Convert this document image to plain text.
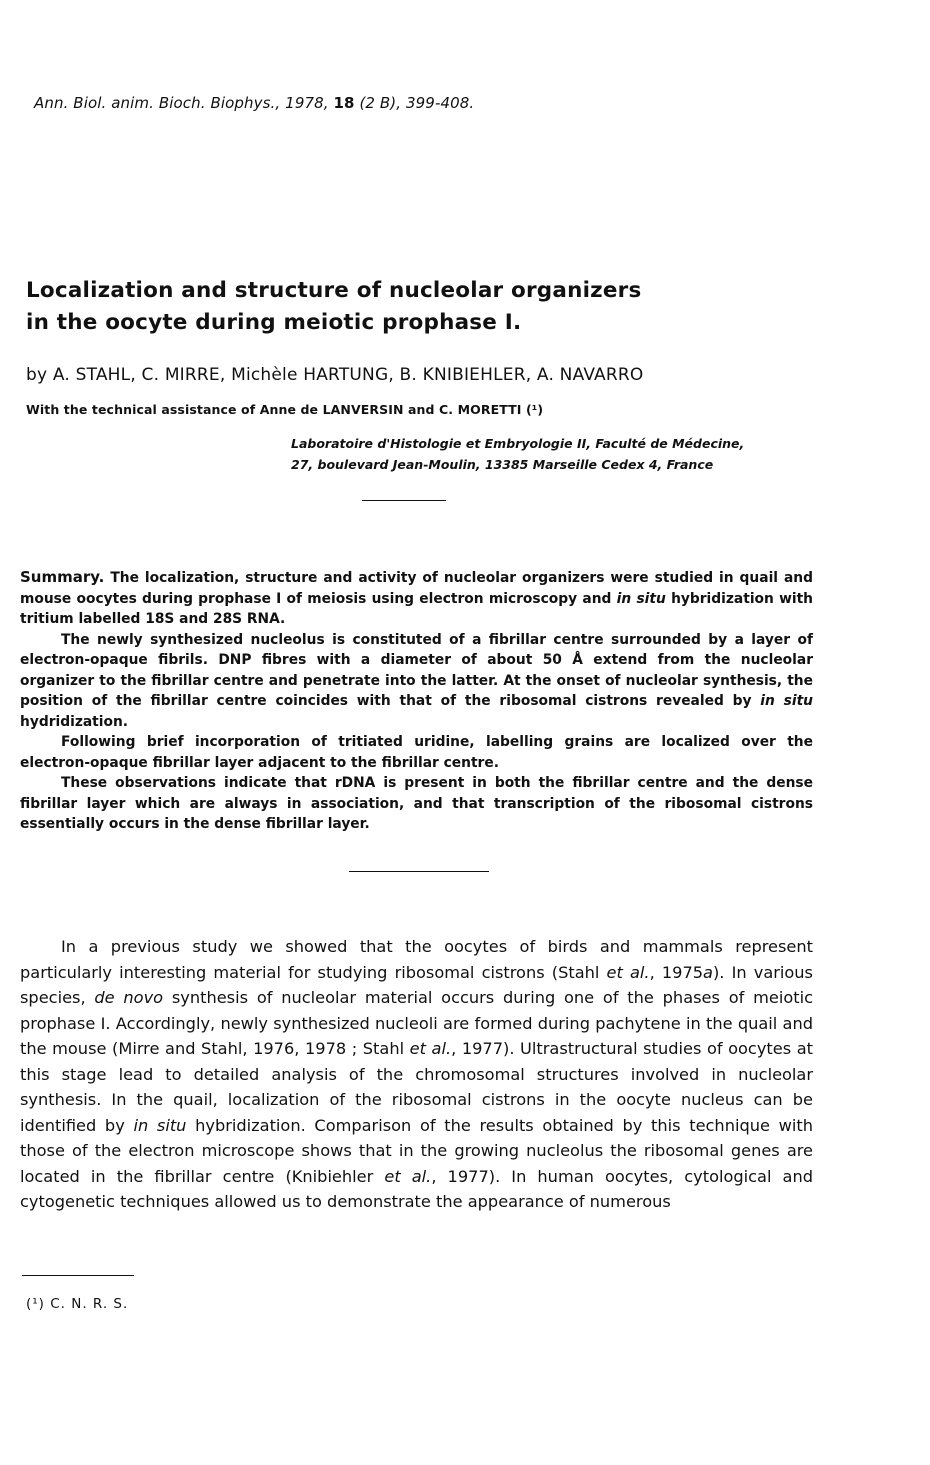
Ann. Biol. anim. Bioch. Biophys., 1978, 18 (2 B), 399-408.
Localization and structure of nucleolar organizers
in the oocyte during meiotic prophase I.
by A. STAHL, C. MIRRE, Michèle HARTUNG, B. KNIBIEHLER, A. NAVARRO
With the technical assistance of Anne de LANVERSIN and C. MORETTI (¹)
Laboratoire d'Histologie et Embryologie II, Faculté de Médecine,
27, boulevard Jean-Moulin, 13385 Marseille Cedex 4, France

Summary. The localization, structure and activity of nucleolar organizers were studied in quail and mouse oocytes during prophase I of meiosis using electron microscopy and in situ hybridization with tritium labelled 18S and 28S RNA.

The newly synthesized nucleolus is constituted of a fibrillar centre surrounded by a layer of electron-opaque fibrils. DNP fibres with a diameter of about 50 Å extend from the nucleolar organizer to the fibrillar centre and penetrate into the latter. At the onset of nucleolar synthesis, the position of the fibrillar centre coincides with that of the ribosomal cistrons revealed by in situ hydridization.

Following brief incorporation of tritiated uridine, labelling grains are localized over the electron-opaque fibrillar layer adjacent to the fibrillar centre.

These observations indicate that rDNA is present in both the fibrillar centre and the dense fibrillar layer which are always in association, and that transcription of the ribosomal cistrons essentially occurs in the dense fibrillar layer.

In a previous study we showed that the oocytes of birds and mammals represent particularly interesting material for studying ribosomal cistrons (Stahl et al., 1975a). In various species, de novo synthesis of nucleolar material occurs during one of the phases of meiotic prophase I. Accordingly, newly synthesized nucleoli are formed during pachytene in the quail and the mouse (Mirre and Stahl, 1976, 1978 ; Stahl et al., 1977). Ultrastructural studies of oocytes at this stage lead to detailed analysis of the chromosomal structures involved in nucleolar synthesis. In the quail, localization of the ribosomal cistrons in the oocyte nucleus can be identified by in situ hybridization. Comparison of the results obtained by this technique with those of the electron microscope shows that in the growing nucleolus the ribosomal genes are located in the fibrillar centre (Knibiehler et al., 1977). In human oocytes, cytological and cytogenetic techniques allowed us to demonstrate the appearance of numerous

(¹) C. N. R. S.
